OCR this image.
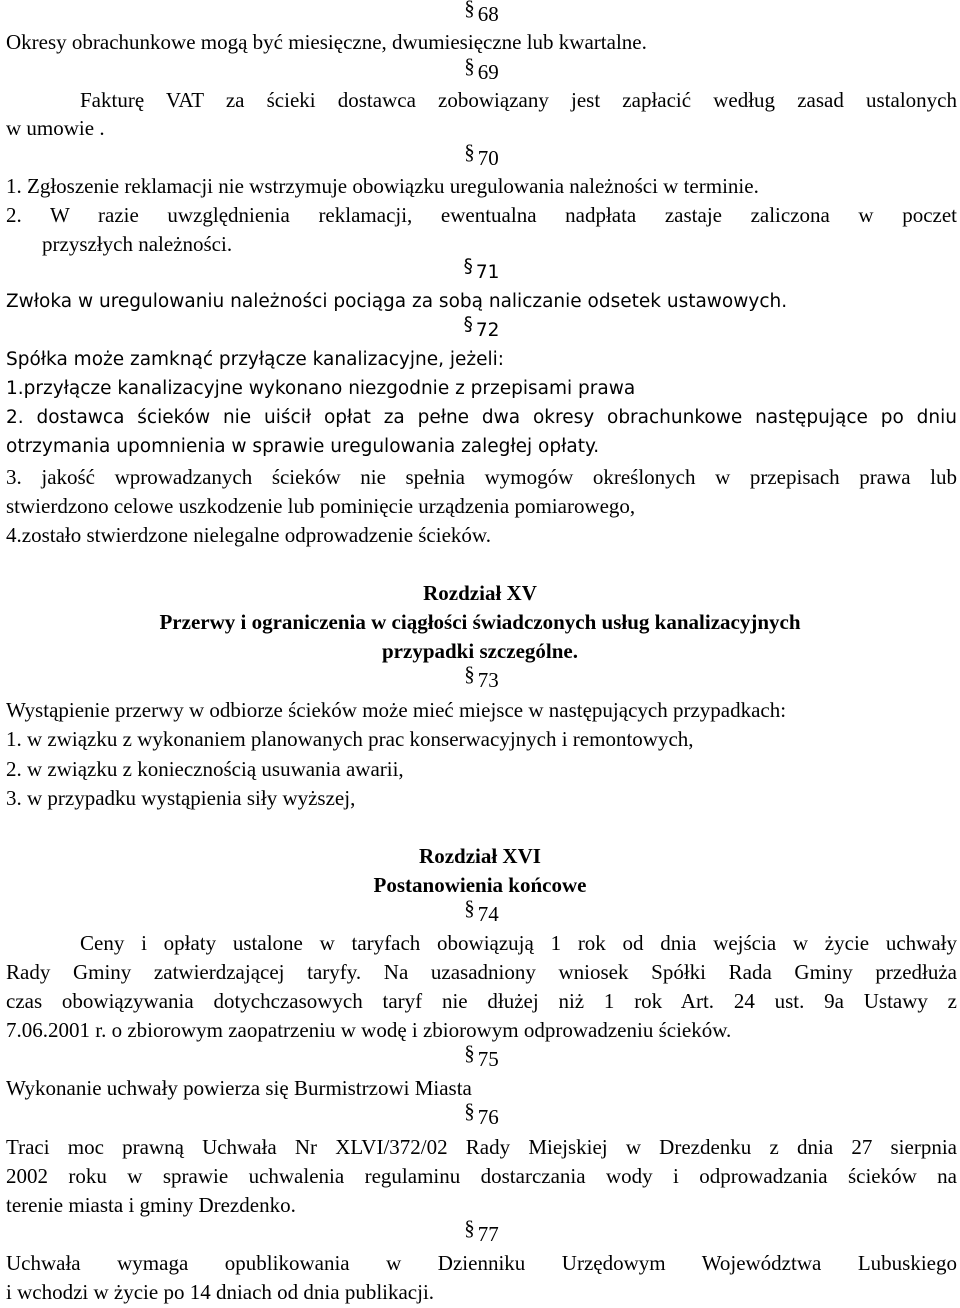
§ 68
Okresy obrachunkowe mogą być miesięczne, dwumiesięczne lub kwartalne.
§ 69
Fakturę VAT za ścieki dostawca zobowiązany jest zapłacić według zasad ustalonych
w umowie .
§ 70
1. Zgłoszenie reklamacji nie wstrzymuje obowiązku uregulowania należności w terminie.
2. W razie uwzględnienia reklamacji, ewentualna nadpłata zastaje zaliczona w poczet
przyszłych należności.
§ 71
Zwłoka w uregulowaniu należności pociąga za sobą naliczanie odsetek ustawowych.
§ 72
Spółka może zamknąć przyłącze kanalizacyjne, jeżeli:
1.przyłącze kanalizacyjne wykonano niezgodnie z przepisami prawa
2. dostawca ścieków nie uiścił opłat za pełne dwa okresy obrachunkowe następujące po dniu
otrzymania upomnienia w sprawie uregulowania zaległej opłaty.
3. jakość wprowadzanych ścieków nie spełnia wymogów określonych w przepisach prawa lub
stwierdzono celowe uszkodzenie lub pominięcie urządzenia pomiarowego,
4.zostało stwierdzone nielegalne odprowadzenie ścieków.
Rozdział XV
Przerwy i ograniczenia w ciągłości świadczonych usług kanalizacyjnych
przypadki szczególne.
§ 73
Wystąpienie przerwy w odbiorze ścieków może mieć miejsce w następujących przypadkach:
1. w związku z wykonaniem planowanych prac konserwacyjnych i remontowych,
2. w związku z koniecznością usuwania awarii,
3. w przypadku wystąpienia siły wyższej,
Rozdział XVI
Postanowienia końcowe
§ 74
Ceny i opłaty ustalone w taryfach obowiązują 1 rok od dnia wejścia w życie uchwały
Rady Gminy zatwierdzającej taryfy. Na uzasadniony wniosek Spółki Rada Gminy przedłuża
czas obowiązywania dotychczasowych taryf nie dłużej niż 1 rok Art. 24 ust. 9a Ustawy z
7.06.2001 r. o zbiorowym zaopatrzeniu w wodę i zbiorowym odprowadzeniu ścieków.
§ 75
Wykonanie uchwały powierza się Burmistrzowi Miasta
§ 76
Traci moc prawną Uchwała Nr XLVI/372/02 Rady Miejskiej w Drezdenku z dnia 27 sierpnia
2002 roku w sprawie uchwalenia regulaminu dostarczania wody i odprowadzania ścieków na
terenie miasta i gminy Drezdenko.
§ 77
Uchwała wymaga opublikowania w Dzienniku Urzędowym Województwa Lubuskiego
i wchodzi w życie po 14 dniach od dnia publikacji.
